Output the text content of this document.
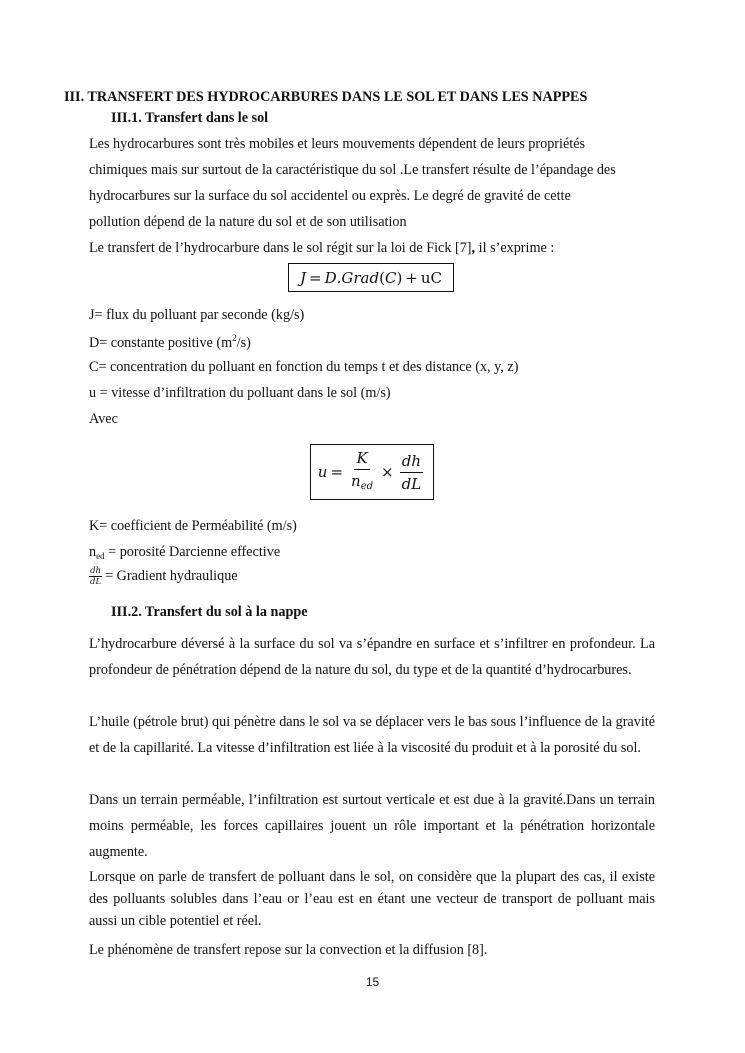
III. TRANSFERT DES HYDROCARBURES DANS LE SOL ET DANS LES NAPPES
III.1. Transfert dans le sol
Les hydrocarbures sont très mobiles et leurs mouvements dépendent de leurs propriétés
chimiques mais sur surtout de la caractéristique du sol .Le transfert résulte de l’épandage des
hydrocarbures sur la surface du sol accidentel ou exprès. Le degré de gravité de cette
pollution dépend de la nature du sol et de son utilisation
Le transfert de l’hydrocarbure dans le sol régit sur la loi de Fick [7], il s’exprime :
J = D . Grad ( C ) + uC
J= flux du polluant par seconde (kg/s)
D= constante positive $(m^2/s)$
C= concentration du polluant en fonction du temps t et des distance (x, y, z)
u = vitesse d’infiltration du polluant dans le sol (m/s)
Avec
$u = \frac{K}{n_{ed}} \times \frac{dh}{dL}$
K= coefficient de Perméabilité (m/s)
$n_{ed}$ = porosité Darcienne effective
$\frac{dh}{dL}$ = Gradient hydraulique
III.2. Transfert du sol à la nappe
L’hydrocarbure déversé à la surface du sol va s’épandre en surface et s’infiltrer en profondeur. La profondeur de pénétration dépend de la nature du sol, du type et de la quantité d’hydrocarbures.
L’huile (pétrole brut) qui pénètre dans le sol va se déplacer vers le bas sous l’influence de la gravité et de la capillarité. La vitesse d’infiltration est liée à la viscosité du produit et à la porosité du sol.
Dans un terrain perméable, l’infiltration est surtout verticale et est due à la gravité.Dans un terrain moins perméable, les forces capillaires jouent un rôle important et la pénétration horizontale augmente.
Lorsque on parle de transfert de polluant dans le sol, on considère que la plupart des cas, il existe des polluants solubles dans l’eau or l’eau est en étant une vecteur de transport de polluant mais aussi un cible potentiel et réel.
Le phénomène de transfert repose sur la convection et la diffusion [8].
15
